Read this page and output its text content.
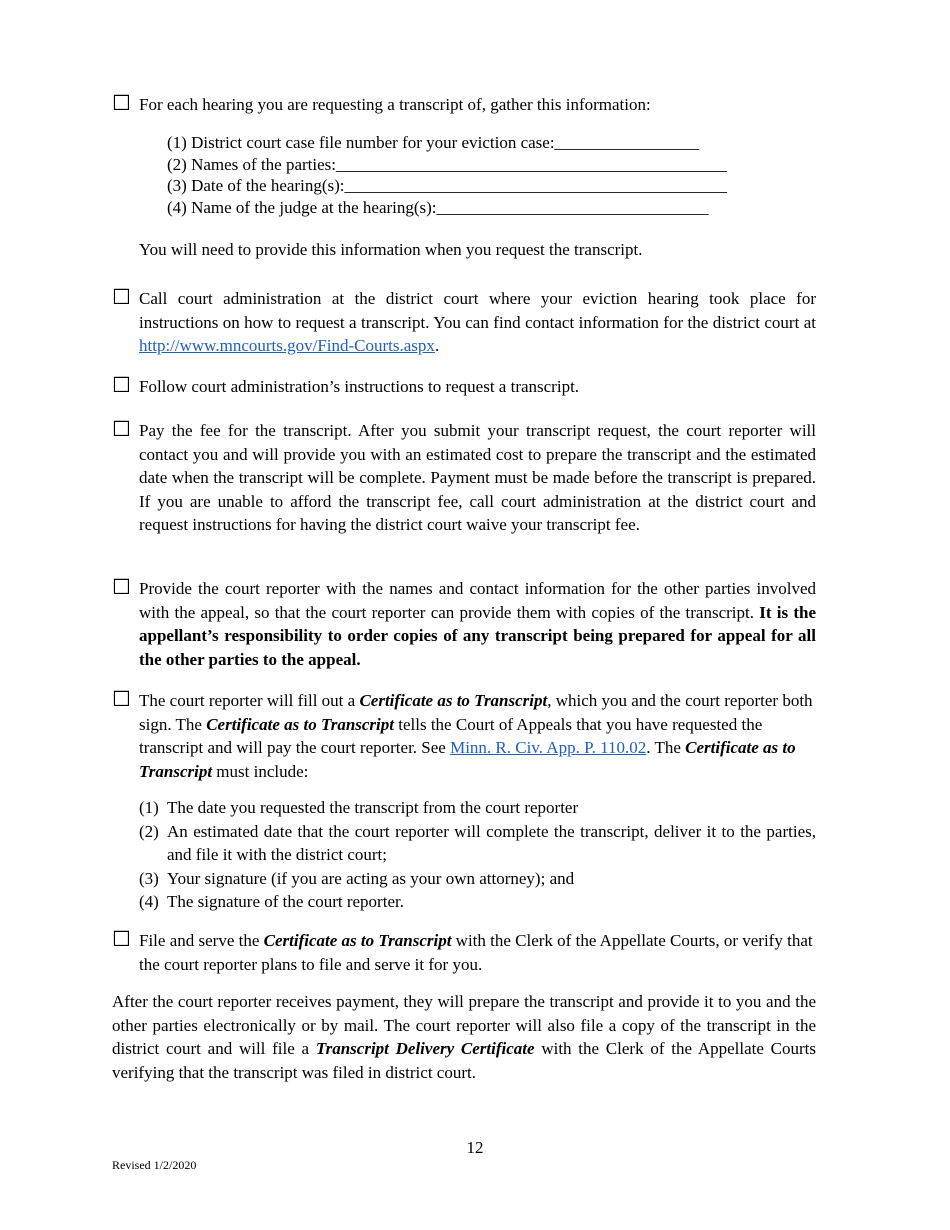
☐ For each hearing you are requesting a transcript of, gather this information:
(1) District court case file number for your eviction case:_________________
(2) Names of the parties:______________________________________________
(3) Date of the hearing(s):_____________________________________________
(4) Name of the judge at the hearing(s):________________________________
You will need to provide this information when you request the transcript.
☐ Call court administration at the district court where your eviction hearing took place for instructions on how to request a transcript. You can find contact information for the district court at http://www.mncourts.gov/Find-Courts.aspx.
☐ Follow court administration’s instructions to request a transcript.
☐ Pay the fee for the transcript. After you submit your transcript request, the court reporter will contact you and will provide you with an estimated cost to prepare the transcript and the estimated date when the transcript will be complete. Payment must be made before the transcript is prepared. If you are unable to afford the transcript fee, call court administration at the district court and request instructions for having the district court waive your transcript fee.
☐ Provide the court reporter with the names and contact information for the other parties involved with the appeal, so that the court reporter can provide them with copies of the transcript. It is the appellant’s responsibility to order copies of any transcript being prepared for appeal for all the other parties to the appeal.
☐ The court reporter will fill out a Certificate as to Transcript, which you and the court reporter both sign. The Certificate as to Transcript tells the Court of Appeals that you have requested the transcript and will pay the court reporter. See Minn. R. Civ. App. P. 110.02. The Certificate as to Transcript must include:
(1) The date you requested the transcript from the court reporter
(2) An estimated date that the court reporter will complete the transcript, deliver it to the parties, and file it with the district court;
(3) Your signature (if you are acting as your own attorney); and
(4) The signature of the court reporter.
☐ File and serve the Certificate as to Transcript with the Clerk of the Appellate Courts, or verify that the court reporter plans to file and serve it for you.
After the court reporter receives payment, they will prepare the transcript and provide it to you and the other parties electronically or by mail. The court reporter will also file a copy of the transcript in the district court and will file a Transcript Delivery Certificate with the Clerk of the Appellate Courts verifying that the transcript was filed in district court.
12
Revised 1/2/2020
